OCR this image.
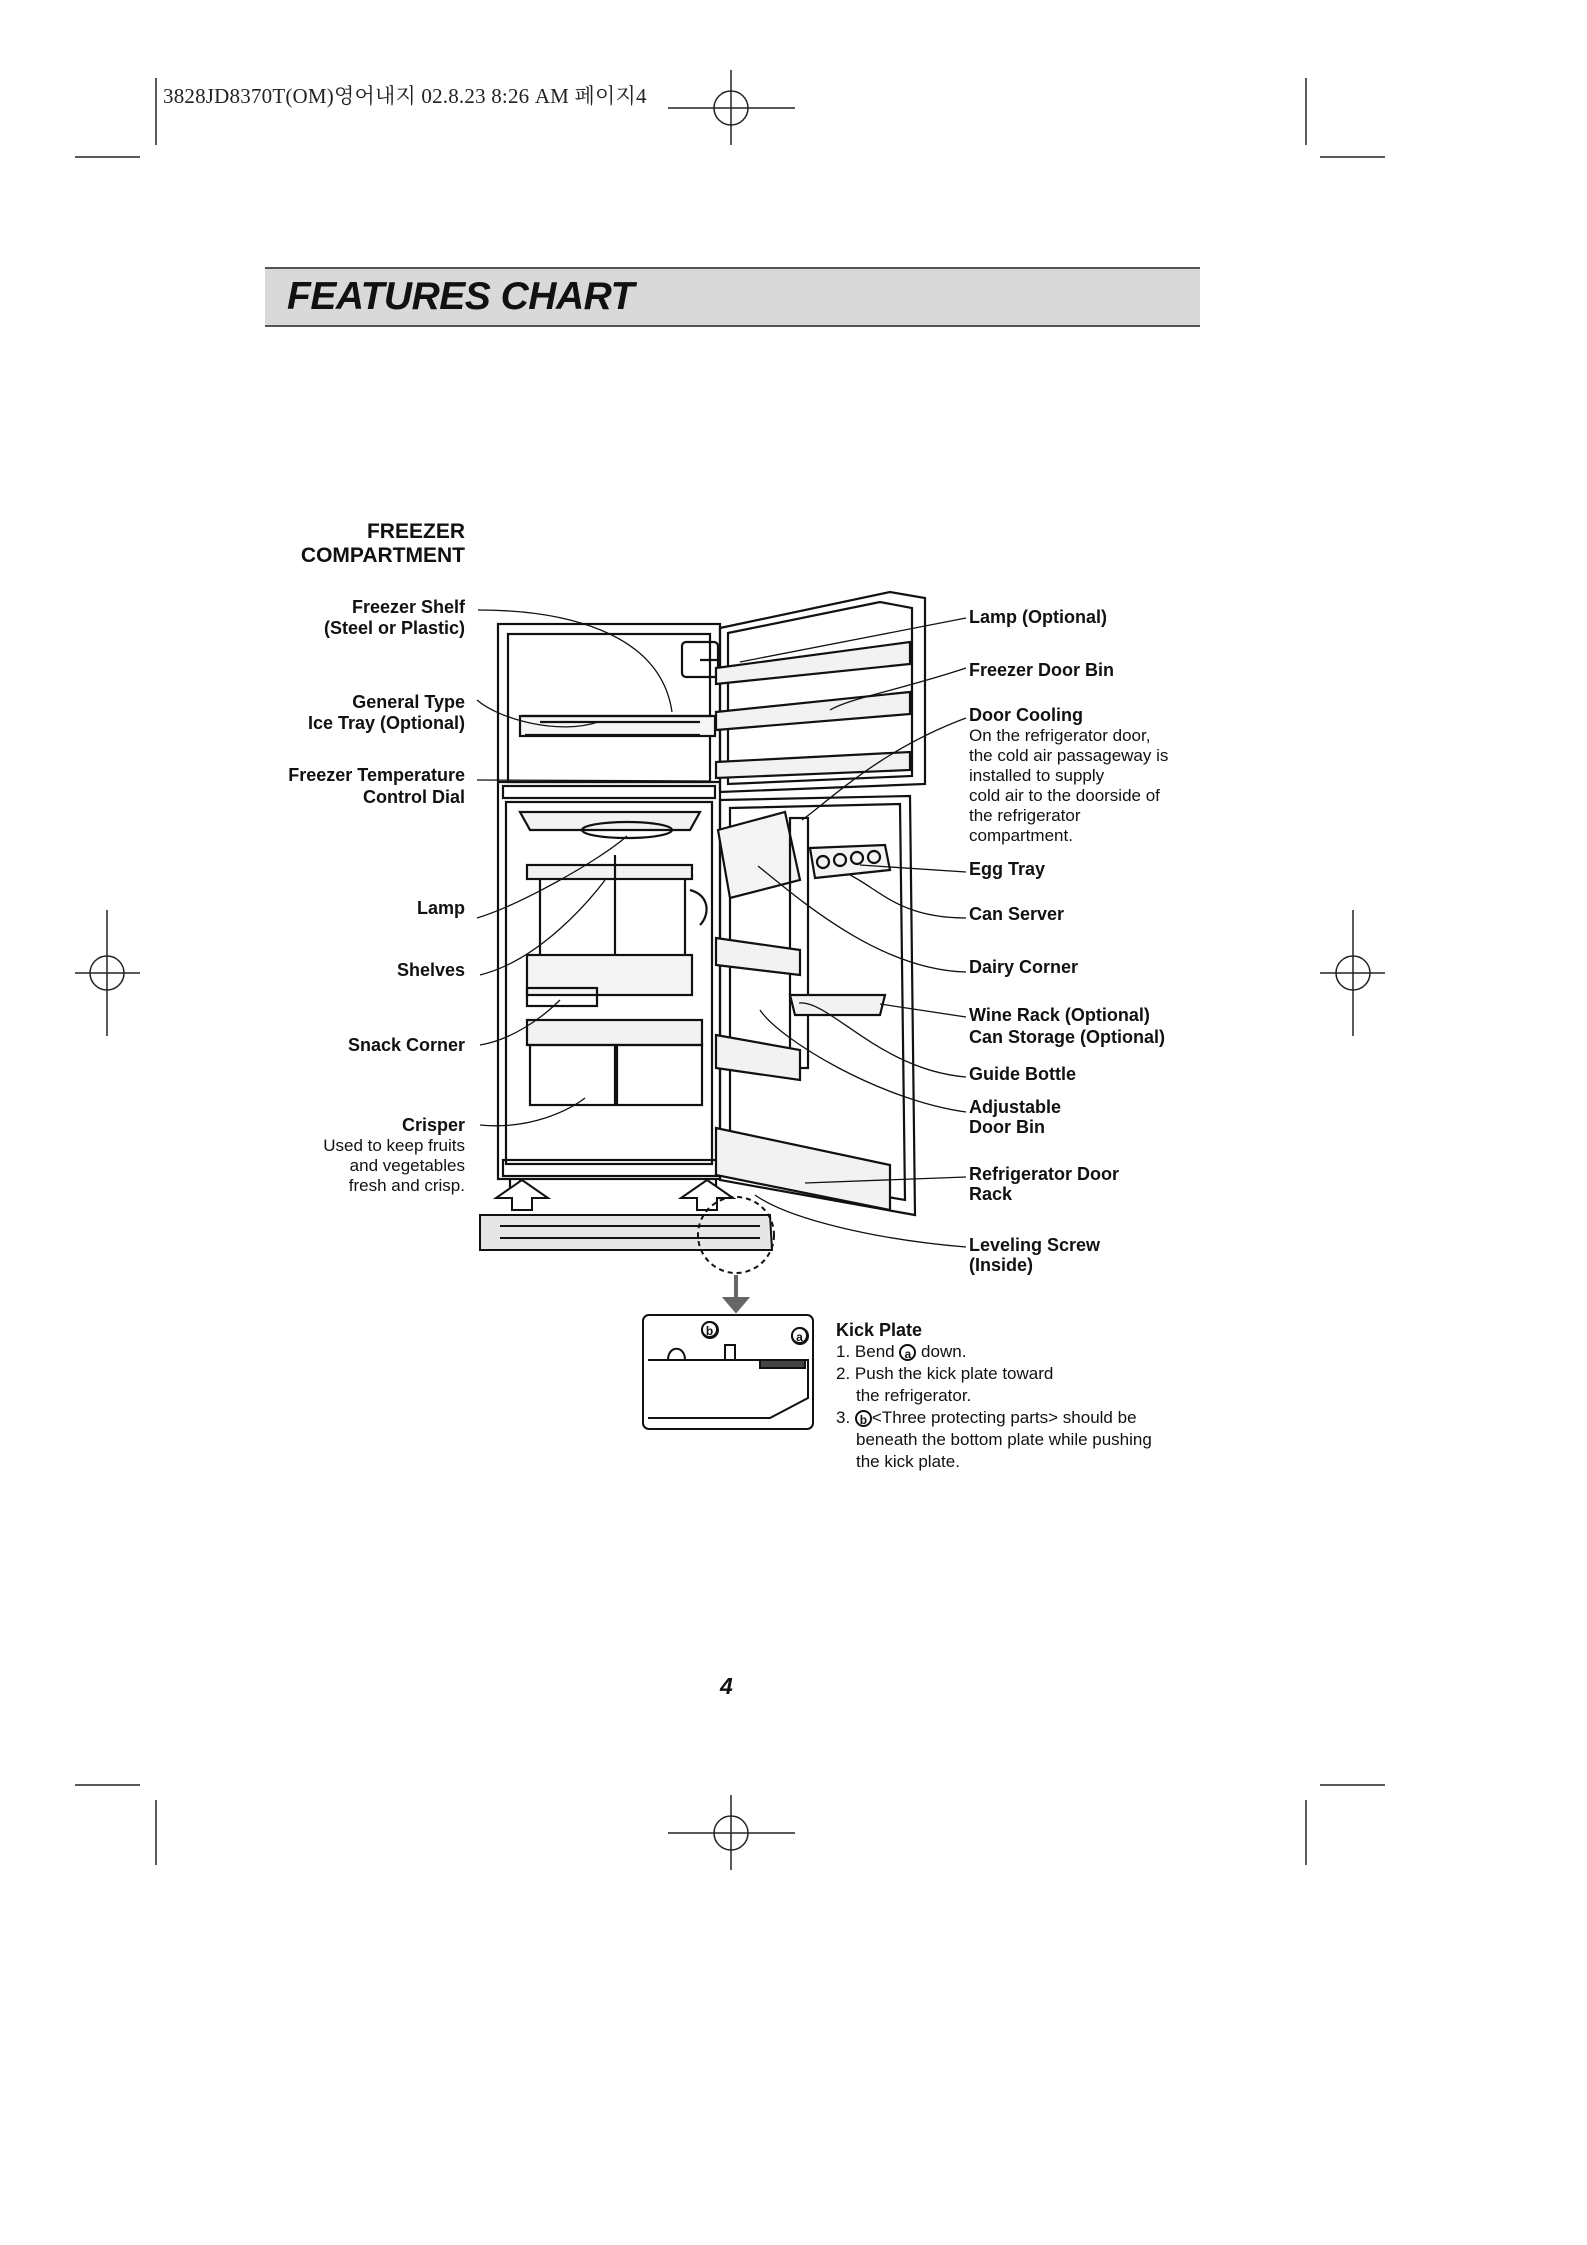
3828JD8370T(OM)영어내지 02.8.23 8:26 AM 페이지4
FEATURES CHART
FREEZER
COMPARTMENT
Freezer Shelf
(Steel or Plastic)
General Type
Ice Tray (Optional)
Freezer Temperature
Control Dial
Lamp
Shelves
Snack Corner
Crisper
Used to keep fruits
and vegetables
fresh and crisp.
Lamp (Optional)
Freezer Door Bin
Door Cooling
On the refrigerator door,
the cold air passageway is
installed to supply
cold air to the doorside of
the refrigerator
compartment.
Egg Tray
Can Server
Dairy Corner
Wine Rack (Optional)
Can Storage (Optional)
Guide Bottle
Adjustable
Door Bin
Refrigerator Door
Rack
Leveling Screw
(Inside)
Kick Plate
1. Bend a down.
2. Push the kick plate toward
the refrigerator.
3. b <Three protecting parts> should be
beneath the bottom plate while pushing
the kick plate.
b	a
4
